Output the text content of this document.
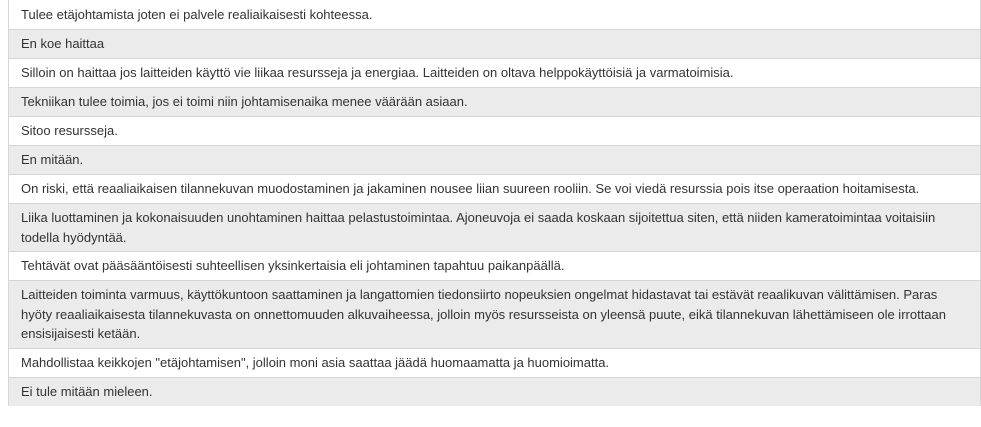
Tulee etäjohtamista joten ei palvele realiaikaisesti kohteessa.
En koe haittaa
Silloin on haittaa jos laitteiden käyttö vie liikaa resursseja ja energiaa. Laitteiden on oltava helppokäyttöisiä ja varmatoimisia.
Tekniikan tulee toimia, jos ei toimi niin johtamisenaika menee väärään asiaan.
Sitoo resursseja.
En mitään.
On riski, että reaaliaikaisen tilannekuvan muodostaminen ja jakaminen nousee liian suureen rooliin. Se voi viedä resurssia pois itse operaation hoitamisesta.
Liika luottaminen ja kokonaisuuden unohtaminen haittaa pelastustoimintaa. Ajoneuvoja ei saada koskaan sijoitettua siten, että niiden kameratoimintaa voitaisiin todella hyödyntää.
Tehtävät ovat pääsääntöisesti suhteellisen yksinkertaisia eli johtaminen tapahtuu paikanpäällä.
Laitteiden toiminta varmuus, käyttökuntoon saattaminen ja langattomien tiedonsiirto nopeuksien ongelmat hidastavat tai estävät reaalikuvan välittämisen. Paras hyöty reaaliaikaisesta tilannekuvasta on onnettomuuden alkuvaiheessa, jolloin myös resursseista on yleensä puute, eikä tilannekuvan lähettämiseen ole irrottaan ensisijaisesti ketään.
Mahdollistaa keikkojen "etäjohtamisen", jolloin moni asia saattaa jäädä huomaamatta ja huomioimatta.
Ei tule mitään mieleen.
